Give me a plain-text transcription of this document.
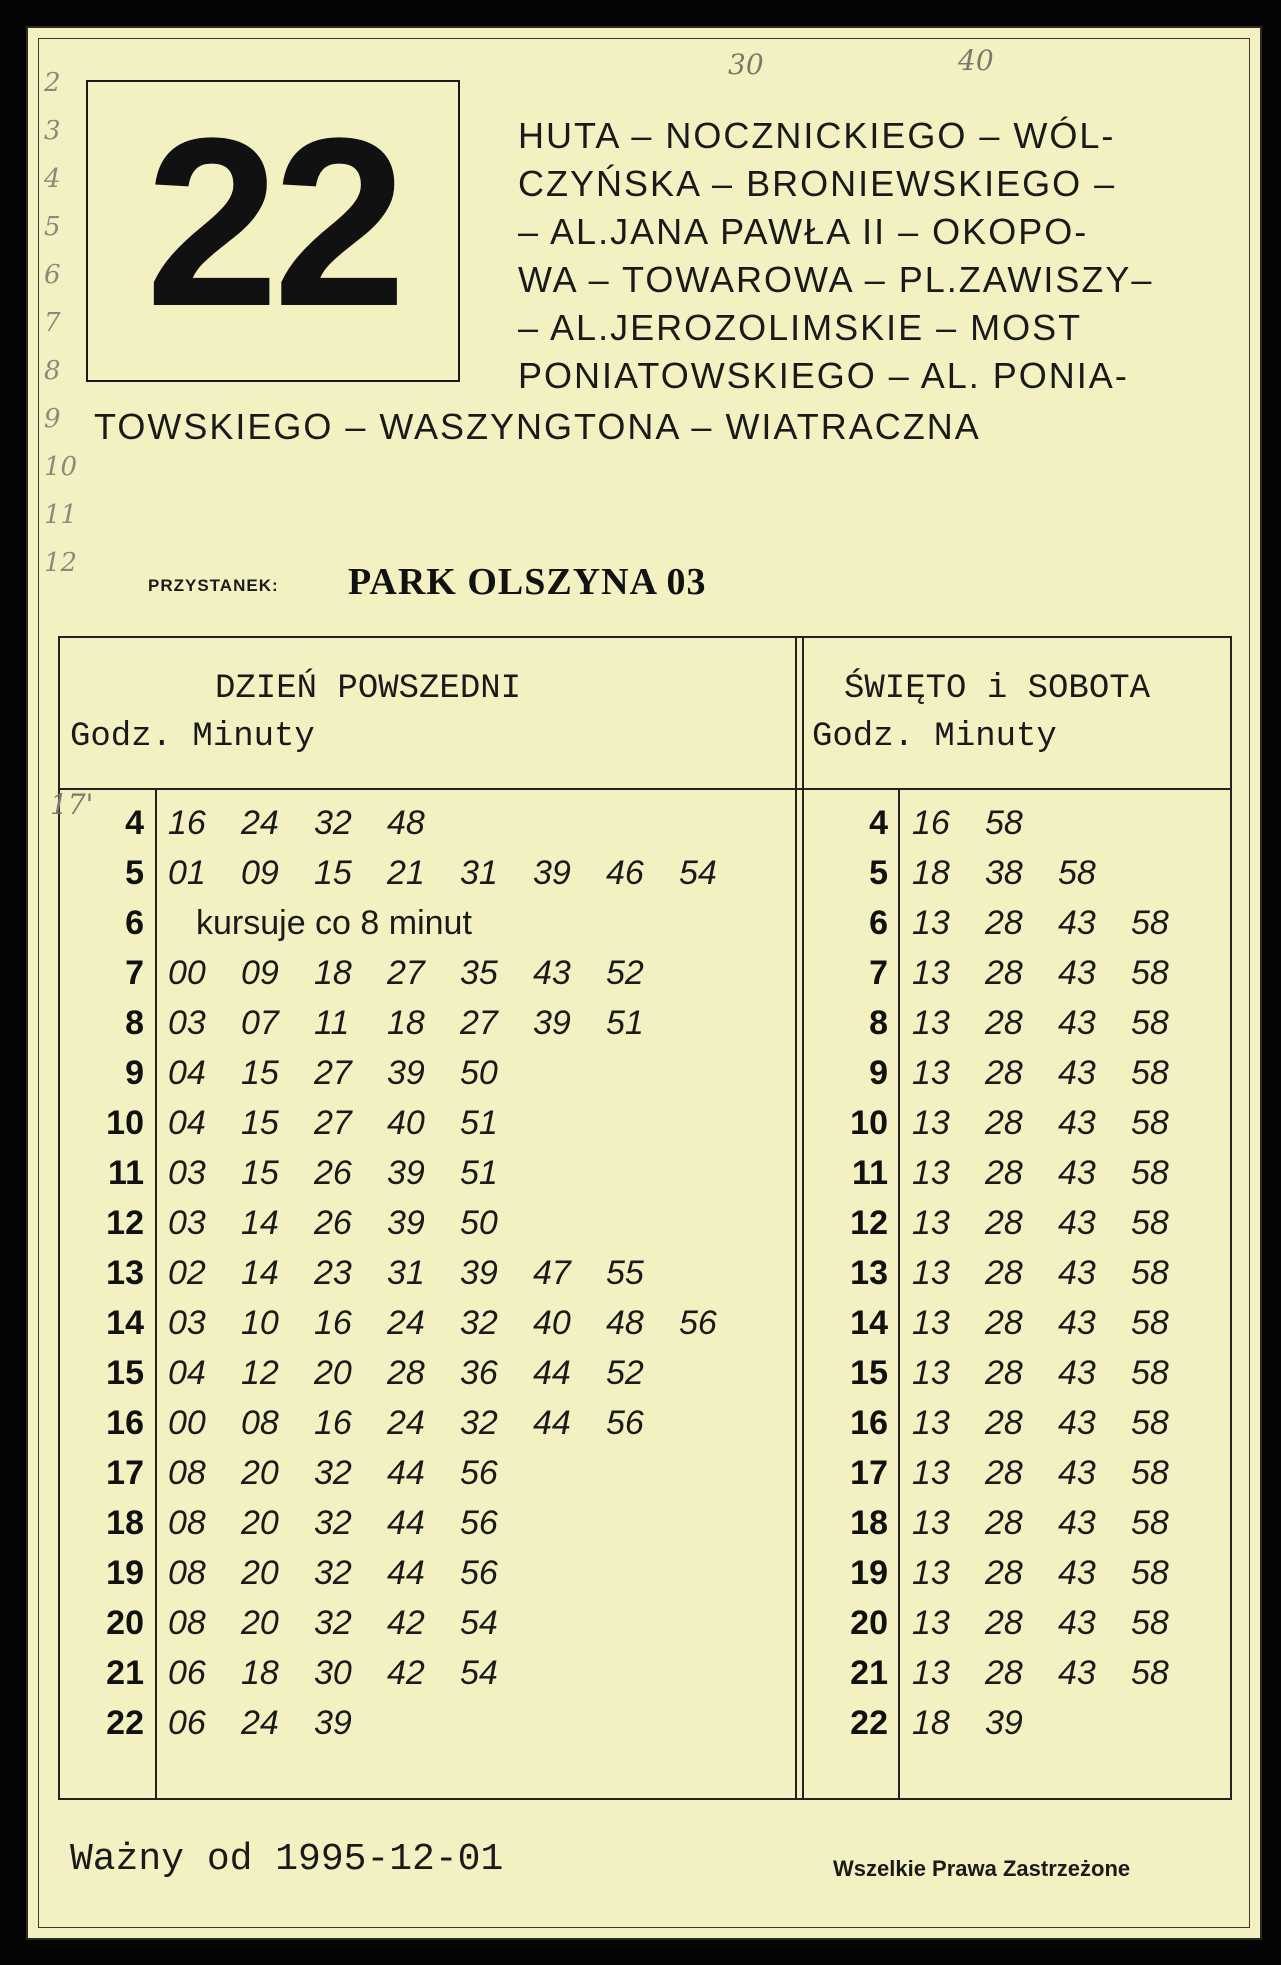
30	40
2
3
4
5
6
7
8
9
10
11
12
22	HUTA – NOCZNICKIEGO – WÓL-
CZYŃSKA – BRONIEWSKIEGO –
– AL.JANA PAWŁA II – OKOPO-
WA – TOWAROWA – PL.ZAWISZY–
– AL.JEROZOLIMSKIE – MOST
PONIATOWSKIEGO – AL. PONIA-
TOWSKIEGO – WASZYNGTONA – WIATRACZNA
PRZYSTANEK: PARK OLSZYNA 03
DZIEŃ POWSZEDNI
Godz. Minuty
ŚWIĘTO i SOBOTA
Godz. Minuty
17' 4 16 24 32 48
5 01 09 15 21 31 39 46 54
6	kursuje co 8 minut
7 00 09 18 27 35 43 52
8 03 07 11 18 27 39 51
9 04 15 27 39 50
10 04 15 27 40 51
11 03 15 26 39 51
12 03 14 26 39 50
13 02 14 23 31 39 47 55
14 03 10 16 24 32 40 48 56
15 04 12 20 28 36 44 52
16 00 08 16 24 32 44 56
17 08 20 32 44 56
18 08 20 32 44 56
19 08 20 32 44 56
20 08 20 32 42 54
21 06 18 30 42 54
22 06 24 39
4 16 58
5 18 38 58
6 13 28 43 58
7 13 28 43 58
8 13 28 43 58
9 13 28 43 58
10 13 28 43 58
11 13 28 43 58
12 13 28 43 58
13 13 28 43 58
14 13 28 43 58
15 13 28 43 58
16 13 28 43 58
17 13 28 43 58
18 13 28 43 58
19 13 28 43 58
20 13 28 43 58
21 13 28 43 58
22 18 39
Ważny od 1995-12-01	Wszelkie Prawa Zastrzeżone
